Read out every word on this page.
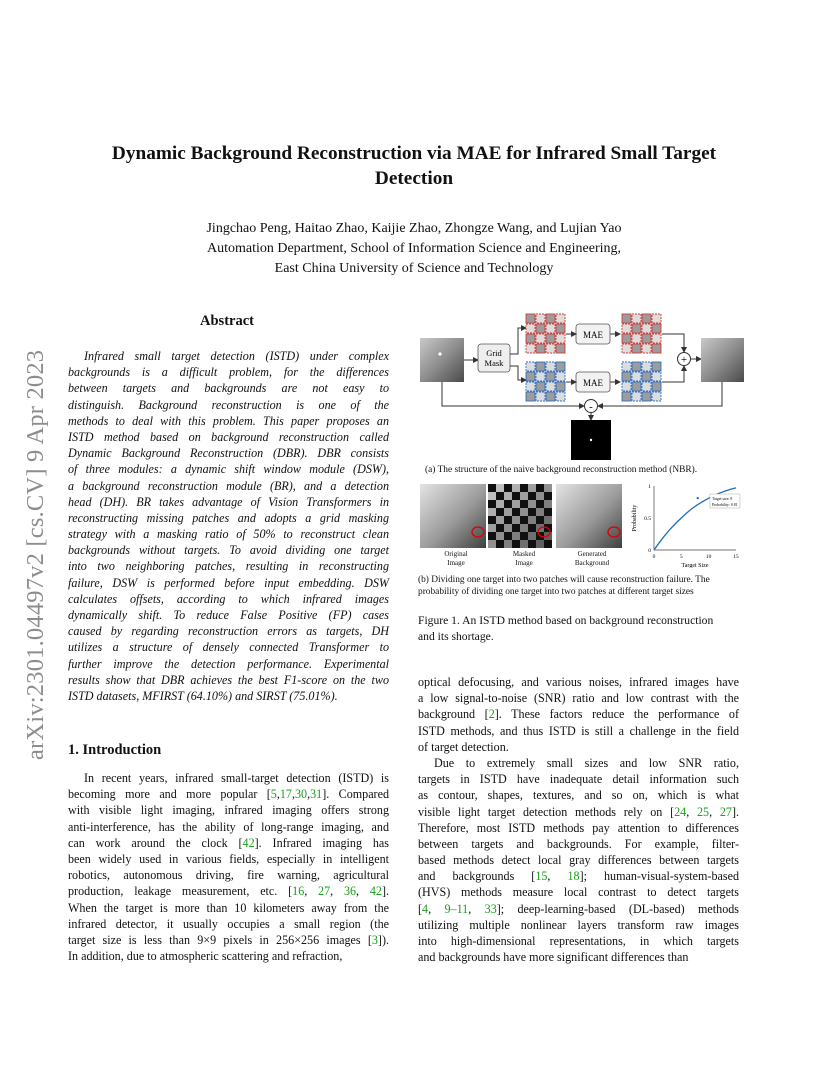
arXiv:2301.04497v2 [cs.CV] 9 Apr 2023
Dynamic Background Reconstruction via MAE for Infrared Small Target
Detection
Jingchao Peng, Haitao Zhao, Kaijie Zhao, Zhongze Wang, and Lujian Yao
Automation Department, School of Information Science and Engineering,
East China University of Science and Technology
Abstract
Infrared small target detection (ISTD) under complex
backgrounds is a difficult problem, for the differences
between targets and backgrounds are not easy to
distinguish. Background reconstruction is one of the
methods to deal with this problem. This paper proposes an
ISTD method based on background reconstruction called
Dynamic Background Reconstruction (DBR). DBR consists
of three modules: a dynamic shift window module (DSW),
a background reconstruction module (BR), and a detection
head (DH). BR takes advantage of Vision Transformers in
reconstructing missing patches and adopts a grid masking
strategy with a masking ratio of 50% to reconstruct clean
backgrounds without targets. To avoid dividing one target
into two neighboring patches, resulting in reconstructing
failure, DSW is performed before input embedding. DSW
calculates offsets, according to which infrared images
dynamically shift. To reduce False Positive (FP) cases
caused by regarding reconstruction errors as targets, DH
utilizes a structure of densely connected Transformer to
further improve the detection performance. Experimental
results show that DBR achieves the best F1-score on the two
ISTD datasets, MFIRST (64.10%) and SIRST (75.01%).
1. Introduction
In recent years, infrared small-target detection (ISTD) is
becoming more and more popular [5,17,30,31]. Compared
with visible light imaging, infrared imaging offers strong
anti-interference, has the ability of long-range imaging, and
can work around the clock [42]. Infrared imaging has
been widely used in various fields, especially in intelligent
robotics, autonomous driving, fire warning, agricultural
production, leakage measurement, etc. [16, 27, 36, 42].
When the target is more than 10 kilometers away from the
infrared detector, it usually occupies a small region (the
target size is less than 9×9 pixels in 256×256 images [3]).
In addition, due to atmospheric scattering and refraction,
optical defocusing, and various noises, infrared images have
a low signal-to-noise (SNR) ratio and low contrast with the
background [2]. These factors reduce the performance of
ISTD methods, and thus ISTD is still a challenge in the field
of target detection.
Due to extremely small sizes and low SNR ratio,
targets in ISTD have inadequate detail information such
as contour, shapes, textures, and so on, which is what
visible light target detection methods rely on [24, 25, 27].
Therefore, most ISTD methods pay attention to differences
between targets and backgrounds. For example, filter-
based methods detect local gray differences between targets
and backgrounds [15, 18]; human-visual-system-based
(HVS) methods measure local contrast to detect targets
[4, 9–11, 33]; deep-learning-based (DL-based) methods
utilizing multiple nonlinear layers transform raw images
into high-dimensional representations, in which targets
and backgrounds have more significant differences than
Grid
Mask
MAE
MAE
+
-
(a) The structure of the naive background reconstruction method (NBR).
Original
Image
Masked
Image
Generated
Background
0	5	10	15
0
0.5
1
Target size: 8
Probability: 0.81
Target Size
Probability
(b) Dividing one target into two patches will cause reconstruction failure. The
probability of dividing one target into two patches at different target sizes
Figure 1. An ISTD method based on background reconstruction
and its shortage.
